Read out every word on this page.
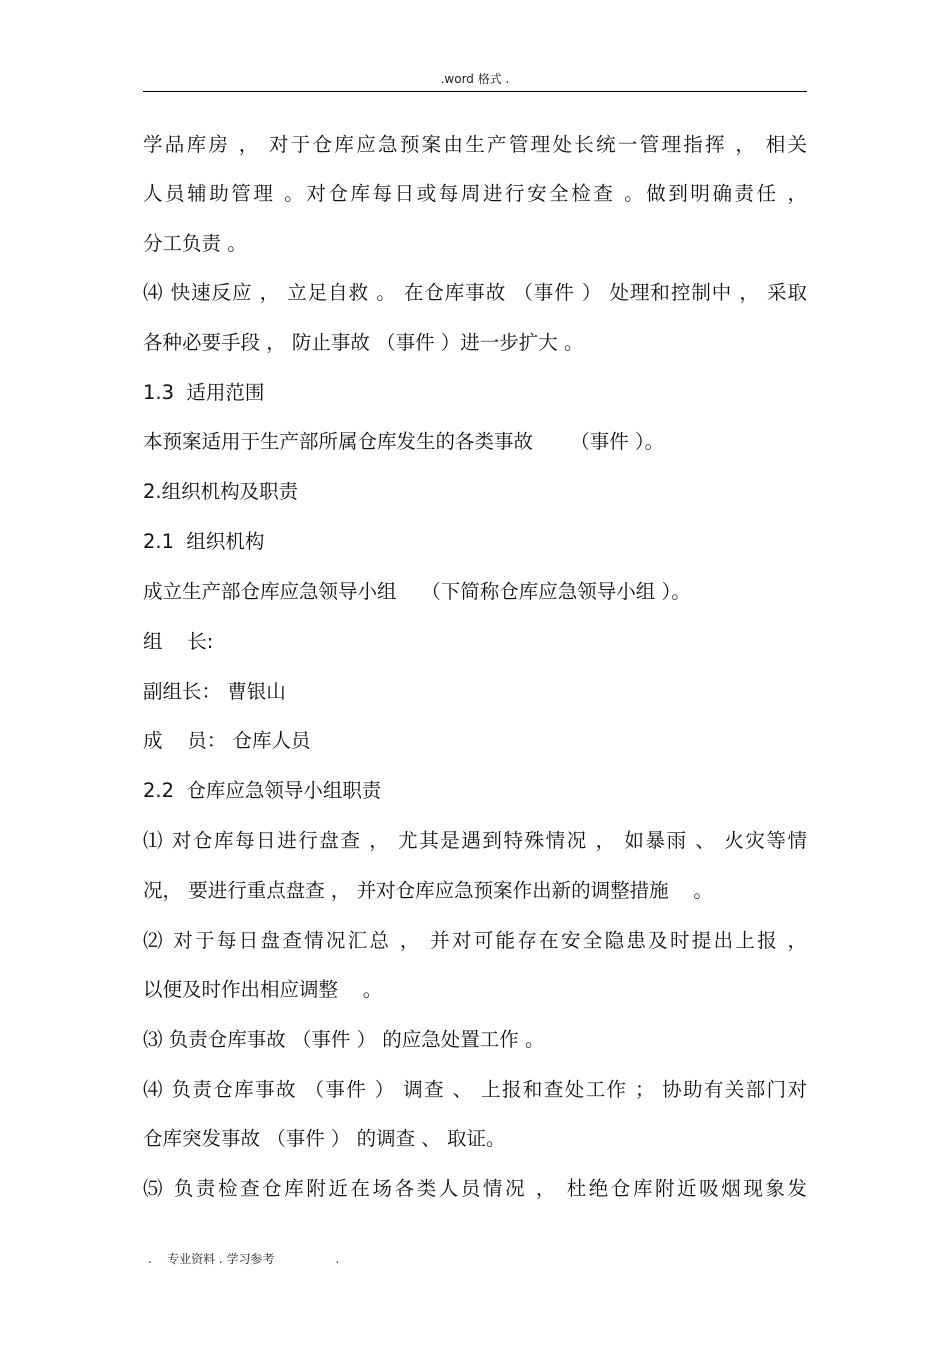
.word 格式 .
学品库房 ， 对于仓库应急预案由生产管理处长统一管理指挥 ， 相关
人员辅助管理 。对仓库每日或每周进行安全检查 。做到明确责任 ，
分工负责 。
⑷ 快速反应 ， 立足自救 。 在仓库事故 （事件 ） 处理和控制中 ， 采取
各种必要手段 ， 防止事故 （事件 ）进一步扩大 。
1.3  适用范围
本预案适用于生产部所属仓库发生的各类事故      （事件 ）。
2.组织机构及职责
2.1  组织机构
成立生产部仓库应急领导小组    （下简称仓库应急领导小组 ）。
组    长:
副组长： 曹银山
成    员： 仓库人员
2.2  仓库应急领导小组职责
⑴ 对仓库每日进行盘查 ， 尤其是遇到特殊情况 ， 如暴雨 、 火灾等情
况， 要进行重点盘查 ， 并对仓库应急预案作出新的调整措施    。
⑵ 对于每日盘查情况汇总 ， 并对可能存在安全隐患及时提出上报 ，
以便及时作出相应调整    。
⑶ 负责仓库事故 （事件 ） 的应急处置工作 。
⑷ 负责仓库事故 （事件 ） 调查 、 上报和查处工作 ； 协助有关部门对
仓库突发事故 （事件 ） 的调查 、 取证。
⑸ 负责检查仓库附近在场各类人员情况 ， 杜绝仓库附近吸烟现象发
.    专业资料 . 学习参考                .
